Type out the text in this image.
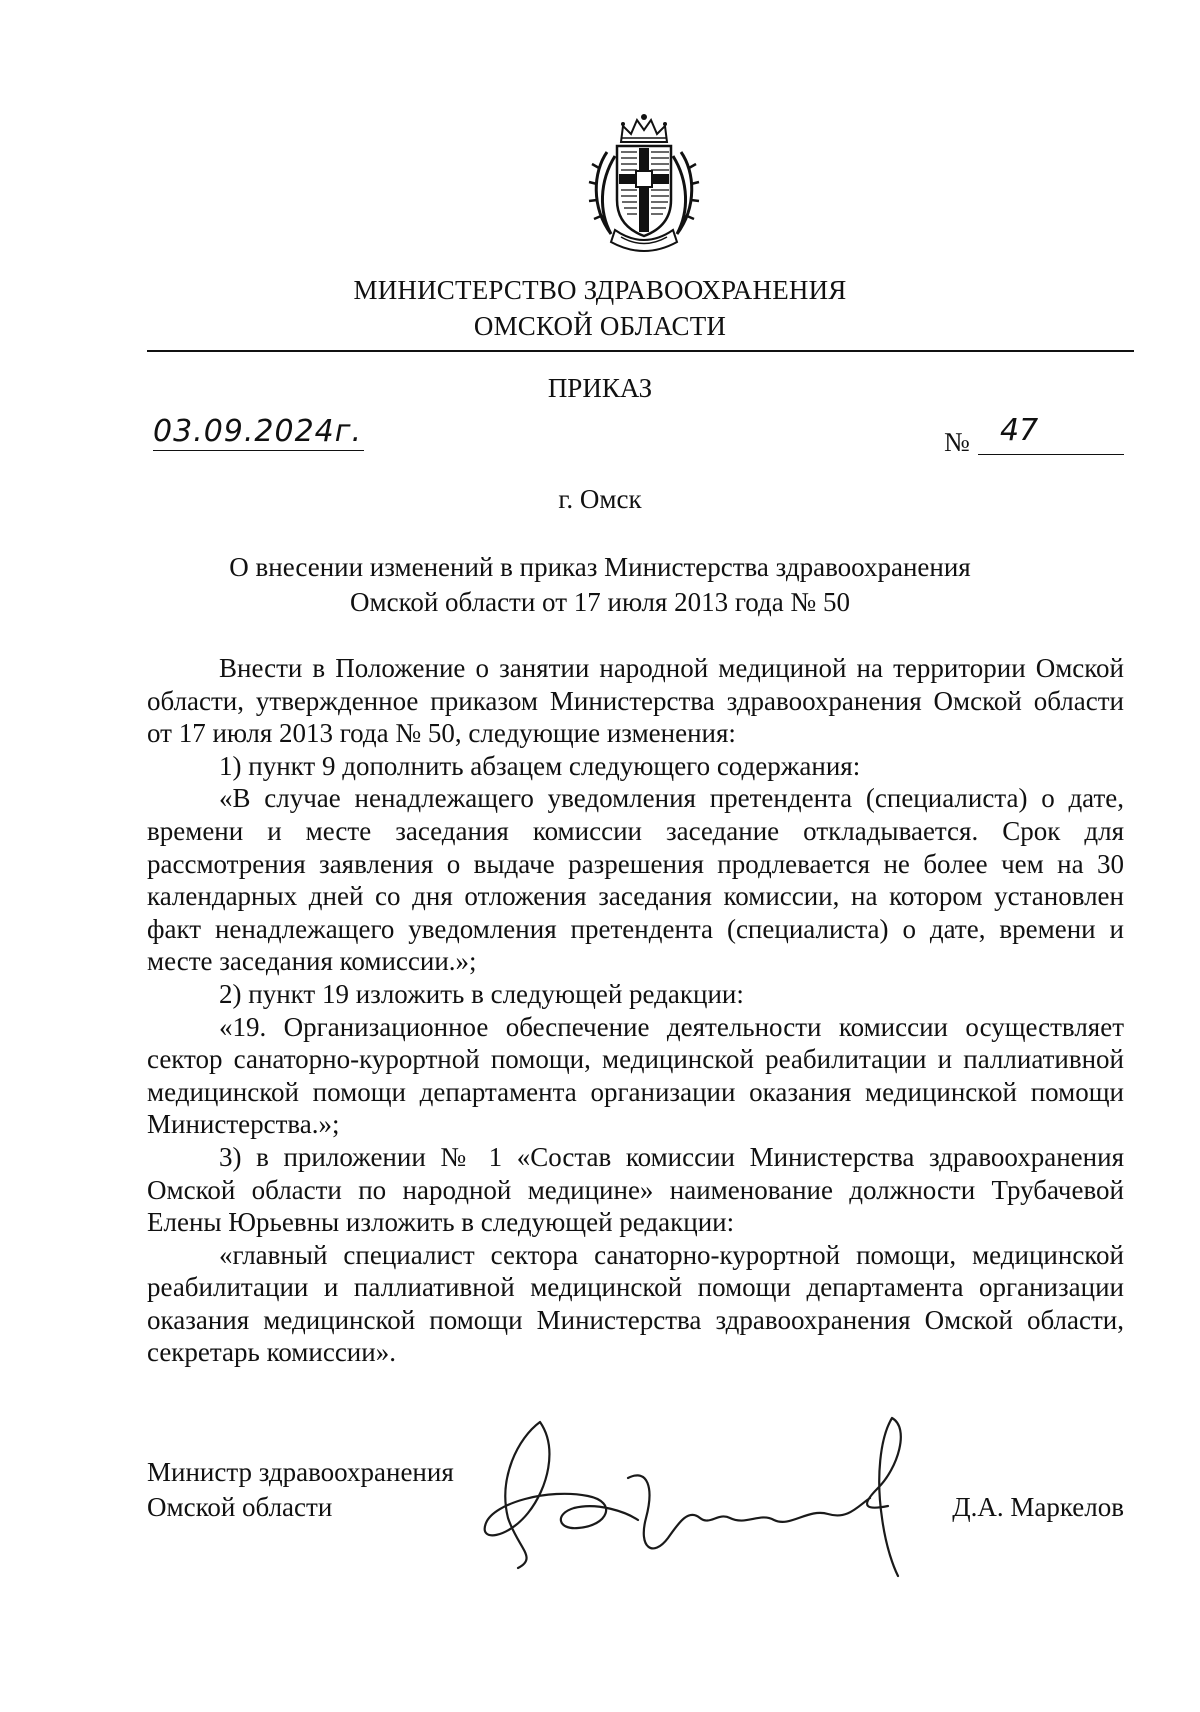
МИНИСТЕРСТВО ЗДРАВООХРАНЕНИЯ
ОМСКОЙ ОБЛАСТИ
ПРИКАЗ
03.09.2024г.	№ 47
г. Омск
О внесении изменений в приказ Министерства здравоохранения
Омской области от 17 июля 2013 года № 50

Внести в Положение о занятии народной медициной на территории Омской области, утвержденное приказом Министерства здравоохранения Омской области от 17 июля 2013 года № 50, следующие изменения:

1) пункт 9 дополнить абзацем следующего содержания:

«В случае ненадлежащего уведомления претендента (специалиста) о дате, времени и месте заседания комиссии заседание откладывается. Срок для рассмотрения заявления о выдаче разрешения продлевается не более чем на 30 календарных дней со дня отложения заседания комиссии, на котором установлен факт ненадлежащего уведомления претендента (специалиста) о дате, времени и месте заседания комиссии.»;

2) пункт 19 изложить в следующей редакции:

«19. Организационное обеспечение деятельности комиссии осуществляет сектор санаторно-курортной помощи, медицинской реабилитации и паллиативной медицинской помощи департамента организации оказания медицинской помощи Министерства.»;

3) в приложении № 1 «Состав комиссии Министерства здравоохранения Омской области по народной медицине» наименование должности Трубачевой Елены Юрьевны изложить в следующей редакции:

«главный специалист сектора санаторно-курортной помощи, медицинской реабилитации и паллиативной медицинской помощи департамента организации оказания медицинской помощи Министерства здравоохранения Омской области, секретарь комиссии».

Министр здравоохранения
Омской области	Д.А. Маркелов
